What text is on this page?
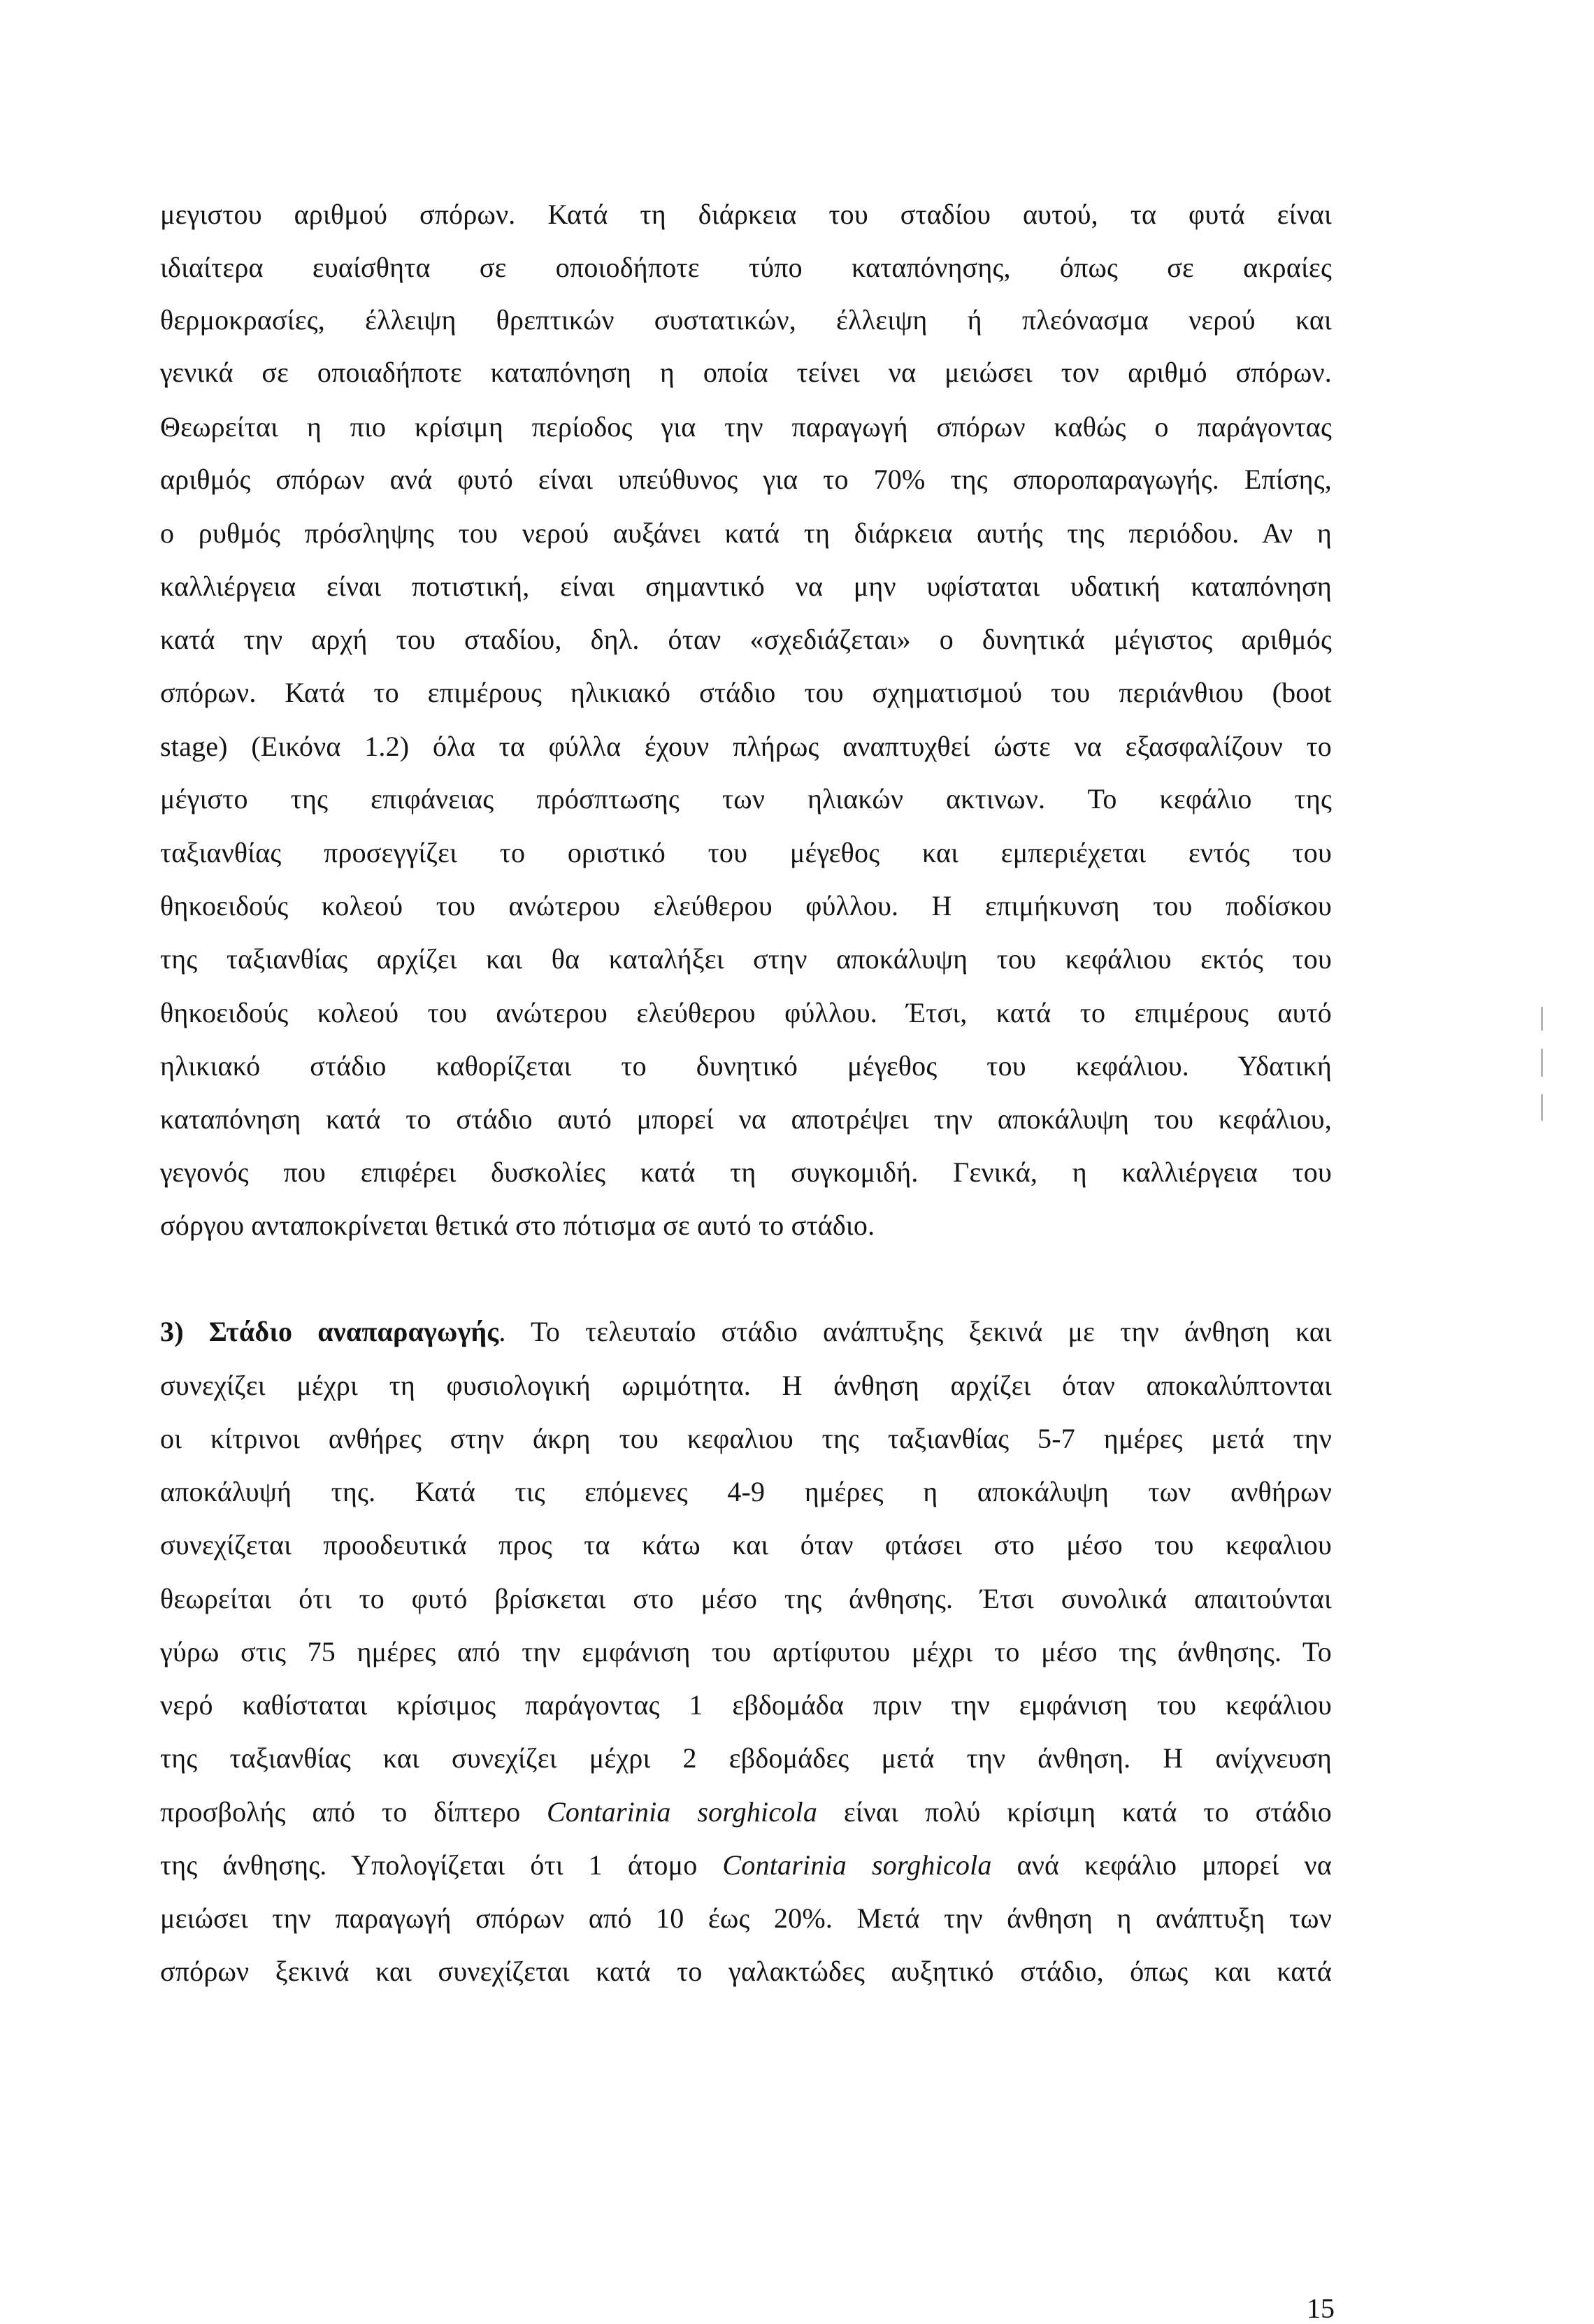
μεγιστου αριθμού σπόρων. Κατά τη διάρκεια του σταδίου αυτού, τα φυτά είναι
ιδιαίτερα ευαίσθητα σε οποιοδήποτε τύπο καταπόνησης, όπως σε ακραίες
θερμοκρασίες, έλλειψη θρεπτικών συστατικών, έλλειψη ή πλεόνασμα νερού και
γενικά σε οποιαδήποτε καταπόνηση η οποία τείνει να μειώσει τον αριθμό σπόρων.
Θεωρείται η πιο κρίσιμη περίοδος για την παραγωγή σπόρων καθώς ο παράγοντας
αριθμός σπόρων ανά φυτό είναι υπεύθυνος για το 70% της σποροπαραγωγής. Επίσης,
ο ρυθμός πρόσληψης του νερού αυξάνει κατά τη διάρκεια αυτής της περιόδου. Αν η
καλλιέργεια είναι ποτιστική, είναι σημαντικό να μην υφίσταται υδατική καταπόνηση
κατά την αρχή του σταδίου, δηλ. όταν «σχεδιάζεται» ο δυνητικά μέγιστος αριθμός
σπόρων. Κατά το επιμέρους ηλικιακό στάδιο του σχηματισμού του περιάνθιου (boot
stage) (Εικόνα 1.2) όλα τα φύλλα έχουν πλήρως αναπτυχθεί ώστε να εξασφαλίζουν το
μέγιστο της επιφάνειας πρόσπτωσης των ηλιακών ακτινων. Το κεφάλιο της
ταξιανθίας προσεγγίζει το οριστικό του μέγεθος και εμπεριέχεται εντός του
θηκοειδούς κολεού του ανώτερου ελεύθερου φύλλου. Η επιμήκυνση του ποδίσκου
της ταξιανθίας αρχίζει και θα καταλήξει στην αποκάλυψη του κεφάλιου εκτός του
θηκοειδούς κολεού του ανώτερου ελεύθερου φύλλου. Έτσι, κατά το επιμέρους αυτό
ηλικιακό στάδιο καθορίζεται το δυνητικό μέγεθος του κεφάλιου. Υδατική
καταπόνηση κατά το στάδιο αυτό μπορεί να αποτρέψει την αποκάλυψη του κεφάλιου,
γεγονός που επιφέρει δυσκολίες κατά τη συγκομιδή. Γενικά, η καλλιέργεια του
σόργου ανταποκρίνεται θετικά στο πότισμα σε αυτό το στάδιο.
3) Στάδιο αναπαραγωγής. Το τελευταίο στάδιο ανάπτυξης ξεκινά με την άνθηση και
συνεχίζει μέχρι τη φυσιολογική ωριμότητα. Η άνθηση αρχίζει όταν αποκαλύπτονται
οι κίτρινοι ανθήρες στην άκρη του κεφαλιου της ταξιανθίας 5-7 ημέρες μετά την
αποκάλυψή της. Κατά τις επόμενες 4-9 ημέρες η αποκάλυψη των ανθήρων
συνεχίζεται προοδευτικά προς τα κάτω και όταν φτάσει στο μέσο του κεφαλιου
θεωρείται ότι το φυτό βρίσκεται στο μέσο της άνθησης. Έτσι συνολικά απαιτούνται
γύρω στις 75 ημέρες από την εμφάνιση του αρτίφυτου μέχρι το μέσο της άνθησης. Το
νερό καθίσταται κρίσιμος παράγοντας 1 εβδομάδα πριν την εμφάνιση του κεφάλιου
της ταξιανθίας και συνεχίζει μέχρι 2 εβδομάδες μετά την άνθηση. Η ανίχνευση
προσβολής από το δίπτερο Contarinia sorghicola είναι πολύ κρίσιμη κατά το στάδιο
της άνθησης. Υπολογίζεται ότι 1 άτομο Contarinia sorghicola ανά κεφάλιο μπορεί να
μειώσει την παραγωγή σπόρων από 10 έως 20%. Μετά την άνθηση η ανάπτυξη των
σπόρων ξεκινά και συνεχίζεται κατά το γαλακτώδες αυξητικό στάδιο, όπως και κατά
15
